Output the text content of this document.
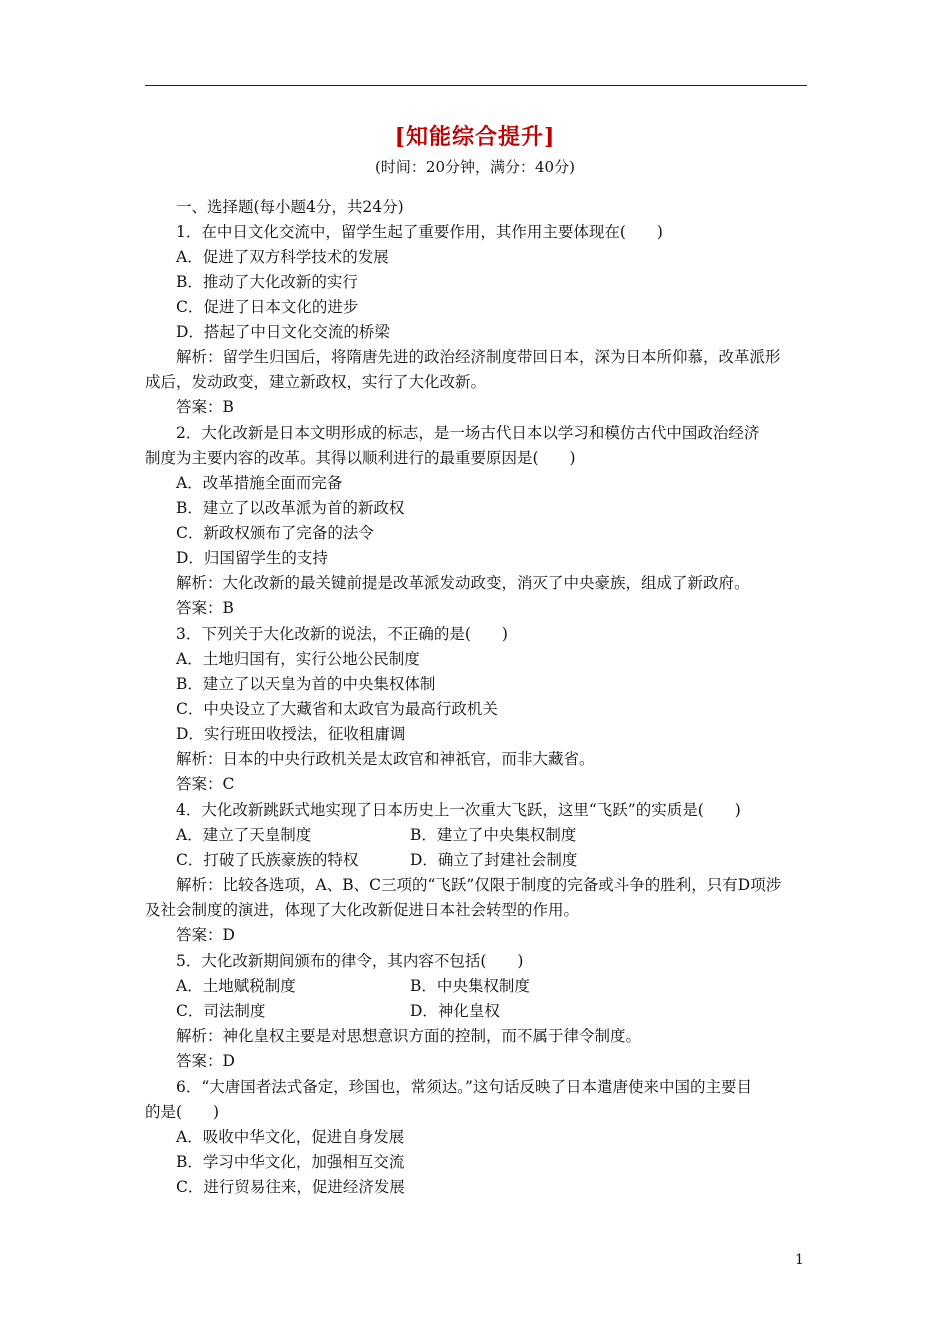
[知能综合提升]
(时间：20分钟，满分：40分)
一、选择题(每小题4分，共24分)
1．在中日文化交流中，留学生起了重要作用，其作用主要体现在(　　)
A．促进了双方科学技术的发展
B．推动了大化改新的实行
C．促进了日本文化的进步
D．搭起了中日文化交流的桥梁
解析：留学生归国后，将隋唐先进的政治经济制度带回日本，深为日本所仰慕，改革派形
成后，发动政变，建立新政权，实行了大化改新。
答案：B
2．大化改新是日本文明形成的标志，是一场古代日本以学习和模仿古代中国政治经济
制度为主要内容的改革。其得以顺利进行的最重要原因是(　　)
A．改革措施全面而完备
B．建立了以改革派为首的新政权
C．新政权颁布了完备的法令
D．归国留学生的支持
解析：大化改新的最关键前提是改革派发动政变，消灭了中央豪族，组成了新政府。
答案：B
3．下列关于大化改新的说法，不正确的是(　　)
A．土地归国有，实行公地公民制度
B．建立了以天皇为首的中央集权体制
C．中央设立了大藏省和太政官为最高行政机关
D．实行班田收授法，征收租庸调
解析：日本的中央行政机关是太政官和神祇官，而非大藏省。
答案：C
4．大化改新跳跃式地实现了日本历史上一次重大飞跃，这里“飞跃”的实质是(　　)
A．建立了天皇制度	B．建立了中央集权制度
C．打破了氏族豪族的特权	D．确立了封建社会制度
解析：比较各选项，A、B、C三项的“飞跃”仅限于制度的完备或斗争的胜利，只有D项涉
及社会制度的演进，体现了大化改新促进日本社会转型的作用。
答案：D
5．大化改新期间颁布的律令，其内容不包括(　　)
A．土地赋税制度	B．中央集权制度
C．司法制度	D．神化皇权
解析：神化皇权主要是对思想意识方面的控制，而不属于律令制度。
答案：D
6．“大唐国者法式备定，珍国也，常须达。”这句话反映了日本遣唐使来中国的主要目
的是(　　)
A．吸收中华文化，促进自身发展
B．学习中华文化，加强相互交流
C．进行贸易往来，促进经济发展
1
